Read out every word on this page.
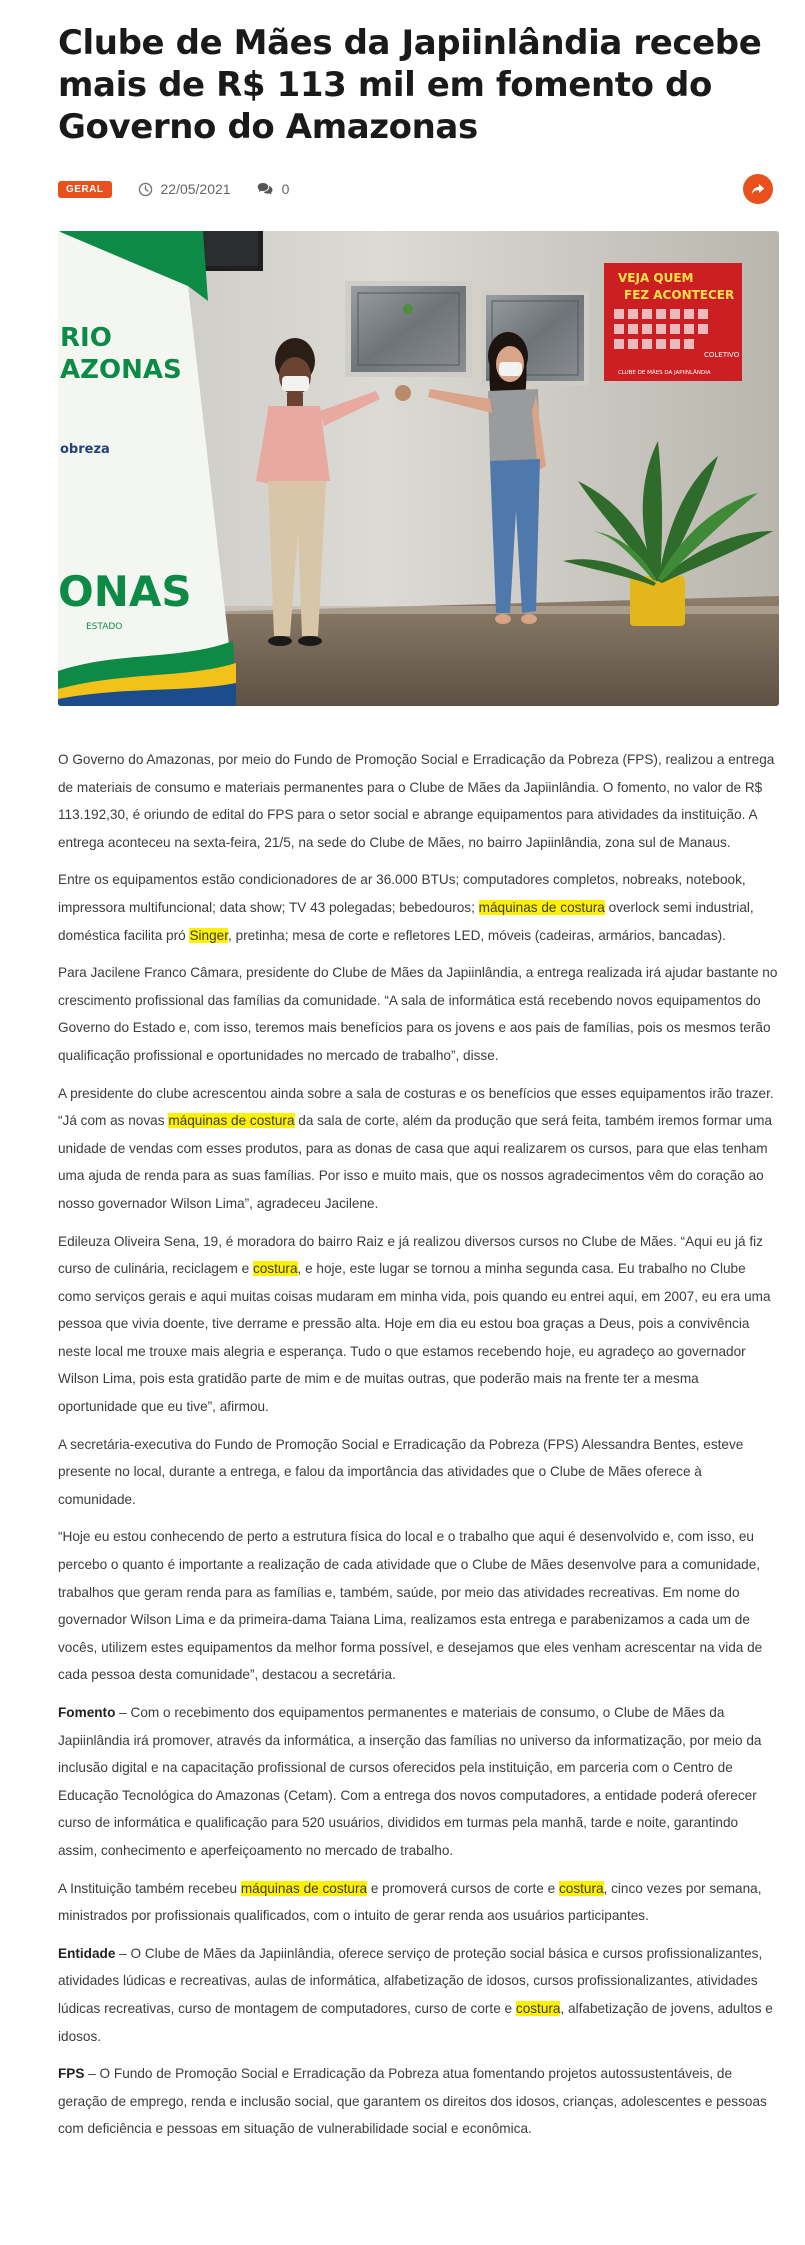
Clube de Mães da Japiinlândia recebe mais de R$ 113 mil em fomento do Governo do Amazonas
GERAL	22/05/2021	0
VEJA QUEM
FEZ ACONTECER
COLETIVO
CLUBE DE MÃES DA JAPIINLÂNDIA
RIO
AZONAS
obreza
ONAS
ESTADO

O Governo do Amazonas, por meio do Fundo de Promoção Social e Erradicação da Pobreza (FPS), realizou a entrega de materiais de consumo e materiais permanentes para o Clube de Mães da Japiinlândia. O fomento, no valor de R$ 113.192,30, é oriundo de edital do FPS para o setor social e abrange equipamentos para atividades da instituição. A entrega aconteceu na sexta-feira, 21/5, na sede do Clube de Mães, no bairro Japiinlândia, zona sul de Manaus.

Entre os equipamentos estão condicionadores de ar 36.000 BTUs; computadores completos, nobreaks, notebook, impressora multifuncional; data show; TV 43 polegadas; bebedouros; máquinas de costura overlock semi industrial, doméstica facilita pró Singer, pretinha; mesa de corte e refletores LED, móveis (cadeiras, armários, bancadas).

Para Jacilene Franco Câmara, presidente do Clube de Mães da Japiinlândia, a entrega realizada irá ajudar bastante no crescimento profissional das famílias da comunidade. “A sala de informática está recebendo novos equipamentos do Governo do Estado e, com isso, teremos mais benefícios para os jovens e aos pais de famílias, pois os mesmos terão qualificação profissional e oportunidades no mercado de trabalho”, disse.

A presidente do clube acrescentou ainda sobre a sala de costuras e os benefícios que esses equipamentos irão trazer. “Já com as novas máquinas de costura da sala de corte, além da produção que será feita, também iremos formar uma unidade de vendas com esses produtos, para as donas de casa que aqui realizarem os cursos, para que elas tenham uma ajuda de renda para as suas famílias. Por isso e muito mais, que os nossos agradecimentos vêm do coração ao nosso governador Wilson Lima”, agradeceu Jacilene.

Edileuza Oliveira Sena, 19, é moradora do bairro Raiz e já realizou diversos cursos no Clube de Mães. “Aqui eu já fiz curso de culinária, reciclagem e costura, e hoje, este lugar se tornou a minha segunda casa. Eu trabalho no Clube como serviços gerais e aqui muitas coisas mudaram em minha vida, pois quando eu entrei aqui, em 2007, eu era uma pessoa que vivia doente, tive derrame e pressão alta. Hoje em dia eu estou boa graças a Deus, pois a convivência neste local me trouxe mais alegria e esperança. Tudo o que estamos recebendo hoje, eu agradeço ao governador Wilson Lima, pois esta gratidão parte de mim e de muitas outras, que poderão mais na frente ter a mesma oportunidade que eu tive”, afirmou.

A secretária-executiva do Fundo de Promoção Social e Erradicação da Pobreza (FPS) Alessandra Bentes, esteve presente no local, durante a entrega, e falou da importância das atividades que o Clube de Mães oferece à comunidade.

“Hoje eu estou conhecendo de perto a estrutura física do local e o trabalho que aqui é desenvolvido e, com isso, eu percebo o quanto é importante a realização de cada atividade que o Clube de Mães desenvolve para a comunidade, trabalhos que geram renda para as famílias e, também, saúde, por meio das atividades recreativas. Em nome do governador Wilson Lima e da primeira-dama Taiana Lima, realizamos esta entrega e parabenizamos a cada um de vocês, utilizem estes equipamentos da melhor forma possível, e desejamos que eles venham acrescentar na vida de cada pessoa desta comunidade”, destacou a secretária.

Fomento – Com o recebimento dos equipamentos permanentes e materiais de consumo, o Clube de Mães da Japiinlândia irá promover, através da informática, a inserção das famílias no universo da informatização, por meio da inclusão digital e na capacitação profissional de cursos oferecidos pela instituição, em parceria com o Centro de Educação Tecnológica do Amazonas (Cetam). Com a entrega dos novos computadores, a entidade poderá oferecer curso de informática e qualificação para 520 usuários, divididos em turmas pela manhã, tarde e noite, garantindo assim, conhecimento e aperfeiçoamento no mercado de trabalho.

A Instituição também recebeu máquinas de costura e promoverá cursos de corte e costura, cinco vezes por semana, ministrados por profissionais qualificados, com o intuito de gerar renda aos usuários participantes.

Entidade – O Clube de Mães da Japiinlândia, oferece serviço de proteção social básica e cursos profissionalizantes, atividades lúdicas e recreativas, aulas de informática, alfabetização de idosos, cursos profissionalizantes, atividades lúdicas recreativas, curso de montagem de computadores, curso de corte e costura, alfabetização de jovens, adultos e idosos.

FPS – O Fundo de Promoção Social e Erradicação da Pobreza atua fomentando projetos autossustentáveis, de geração de emprego, renda e inclusão social, que garantem os direitos dos idosos, crianças, adolescentes e pessoas com deficiência e pessoas em situação de vulnerabilidade social e econômica.
